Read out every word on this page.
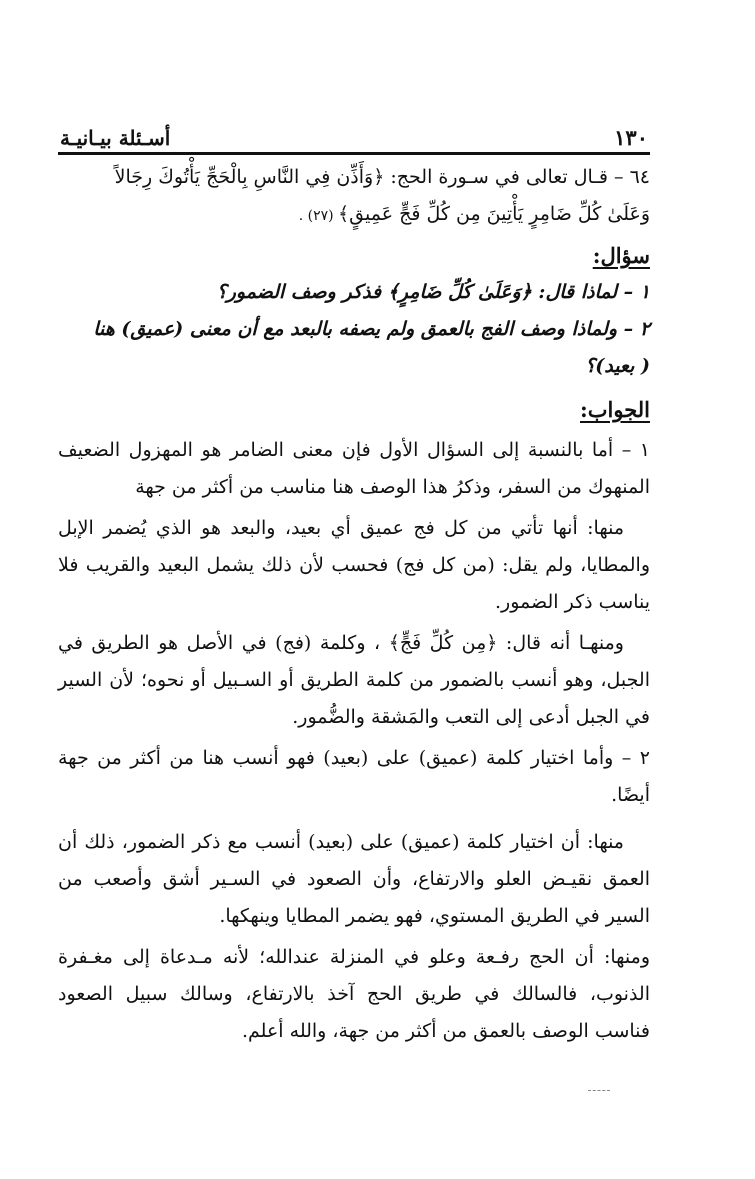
١٣٠
أسـئلة بيـانيـة

٦٤ – قـال تعالى في سـورة الحج: ﴿وَأَذِّن فِي النَّاسِ بِالْحَجِّ يَأْتُوكَ رِجَالاً

وَعَلَىٰ كُلِّ ضَامِرٍ يَأْتِينَ مِن كُلِّ فَجٍّ عَمِيقٍ﴾ (٢٧) .

سؤال:

١ – لماذا قال: ﴿وَعَلَىٰ كُلِّ ضَامِرٍ﴾ فذكر وصف الضمور؟

٢ – ولماذا وصف الفج بالعمق ولم يصفه بالبعد مع أن معنى (عميق) هنا

( بعيد)؟

الجواب:

١ – أما بالنسبة إلى السؤال الأول فإن معنى الضامر هو المهزول الضعيف المنهوك من السفر، وذكرُ هذا الوصف هنا مناسب من أكثر من جهة

منها: أنها تأتي من كل فج عميق أي بعيد، والبعد هو الذي يُضمر الإبل والمطايا، ولم يقل: (من كل فج) فحسب لأن ذلك يشمل البعيد والقريب فلا يناسب ذكر الضمور.

ومنهـا أنه قال: ﴿مِن كُلِّ فَجٍّ﴾ ، وكلمة (فج) في الأصل هو الطريق في الجبل، وهو أنسب بالضمور من كلمة الطريق أو السـبيل أو نحوه؛ لأن السير في الجبل أدعى إلى التعب والمَشقة والضُّمور.

٢ – وأما اختيار كلمة (عميق) على (بعيد) فهو أنسب هنا من أكثر من جهة أيضًا.

منها: أن اختيار كلمة (عميق) على (بعيد) أنسب مع ذكر الضمور، ذلك أن العمق نقيـض العلو والارتفاع، وأن الصعود في السـير أشق وأصعب من السير في الطريق المستوي، فهو يضمر المطايا وينهكها.

ومنها: أن الحج رفـعة وعلو في المنزلة عندالله؛ لأنه مـدعاة إلى مغـفرة الذنوب، فالسالك في طريق الحج آخذ بالارتفاع، وسالك سبيل الصعود فناسب الوصف بالعمق من أكثر من جهة، والله أعلم.
